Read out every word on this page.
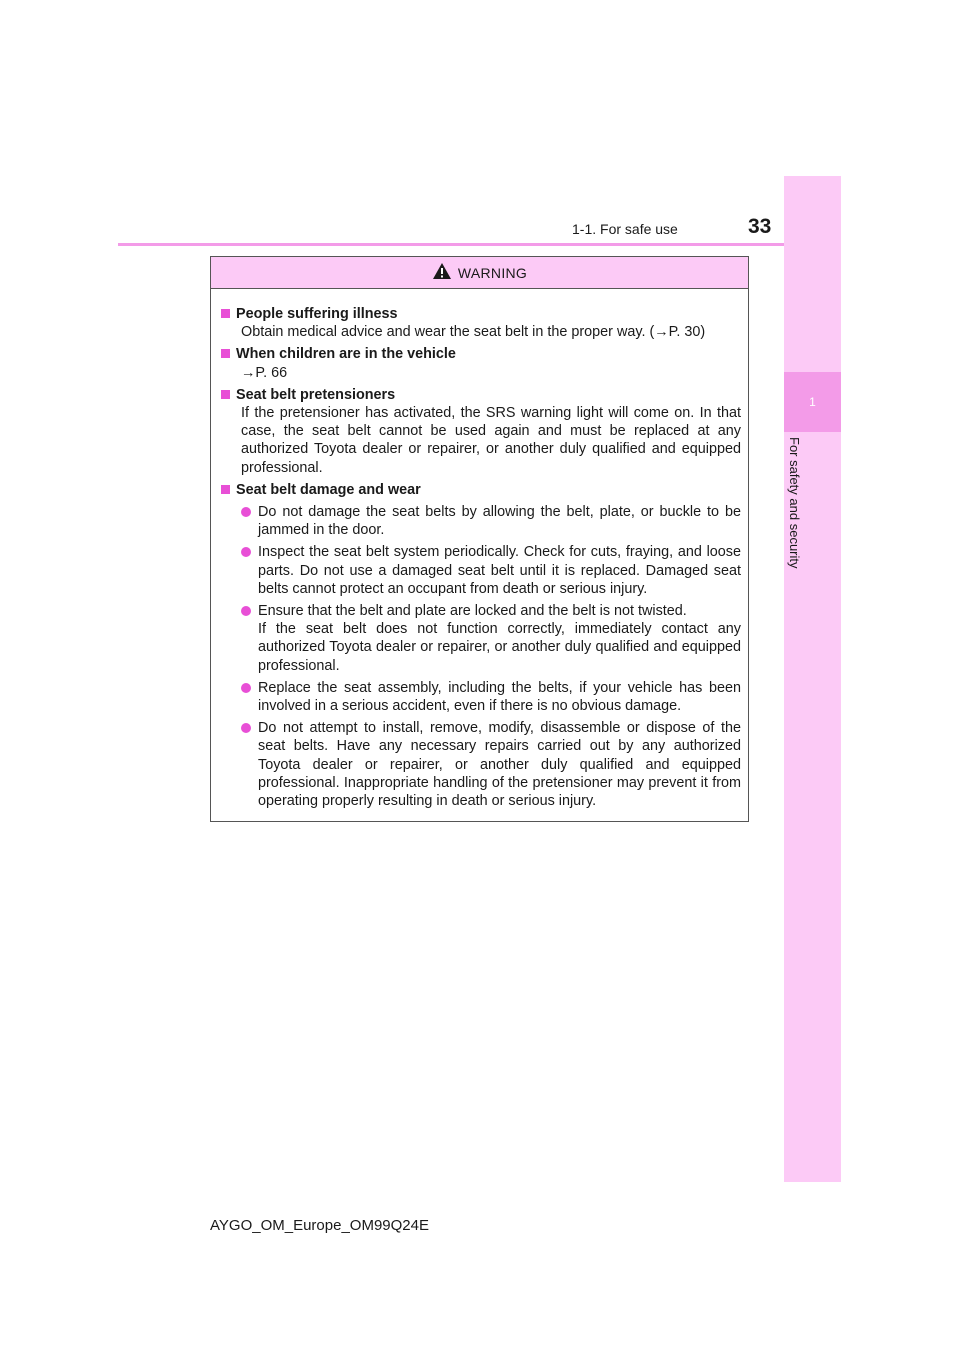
1-1. For safe use	33
1
For safety and security
WARNING
People suffering illness
Obtain medical advice and wear the seat belt in the proper way. (→P. 30)
When children are in the vehicle
→P. 66
Seat belt pretensioners
If the pretensioner has activated, the SRS warning light will come on. In that case, the seat belt cannot be used again and must be replaced at any authorized Toyota dealer or repairer, or another duly qualified and equipped professional.
Seat belt damage and wear
Do not damage the seat belts by allowing the belt, plate, or buckle to be jammed in the door.
Inspect the seat belt system periodically. Check for cuts, fraying, and loose parts. Do not use a damaged seat belt until it is replaced. Damaged seat belts cannot protect an occupant from death or serious injury.
Ensure that the belt and plate are locked and the belt is not twisted.
If the seat belt does not function correctly, immediately contact any authorized Toyota dealer or repairer, or another duly qualified and equipped professional.
Replace the seat assembly, including the belts, if your vehicle has been involved in a serious accident, even if there is no obvious damage.
Do not attempt to install, remove, modify, disassemble or dispose of the seat belts. Have any necessary repairs carried out by any authorized Toyota dealer or repairer, or another duly qualified and equipped professional. Inappropriate handling of the pretensioner may prevent it from operating properly resulting in death or serious injury.
AYGO_OM_Europe_OM99Q24E
